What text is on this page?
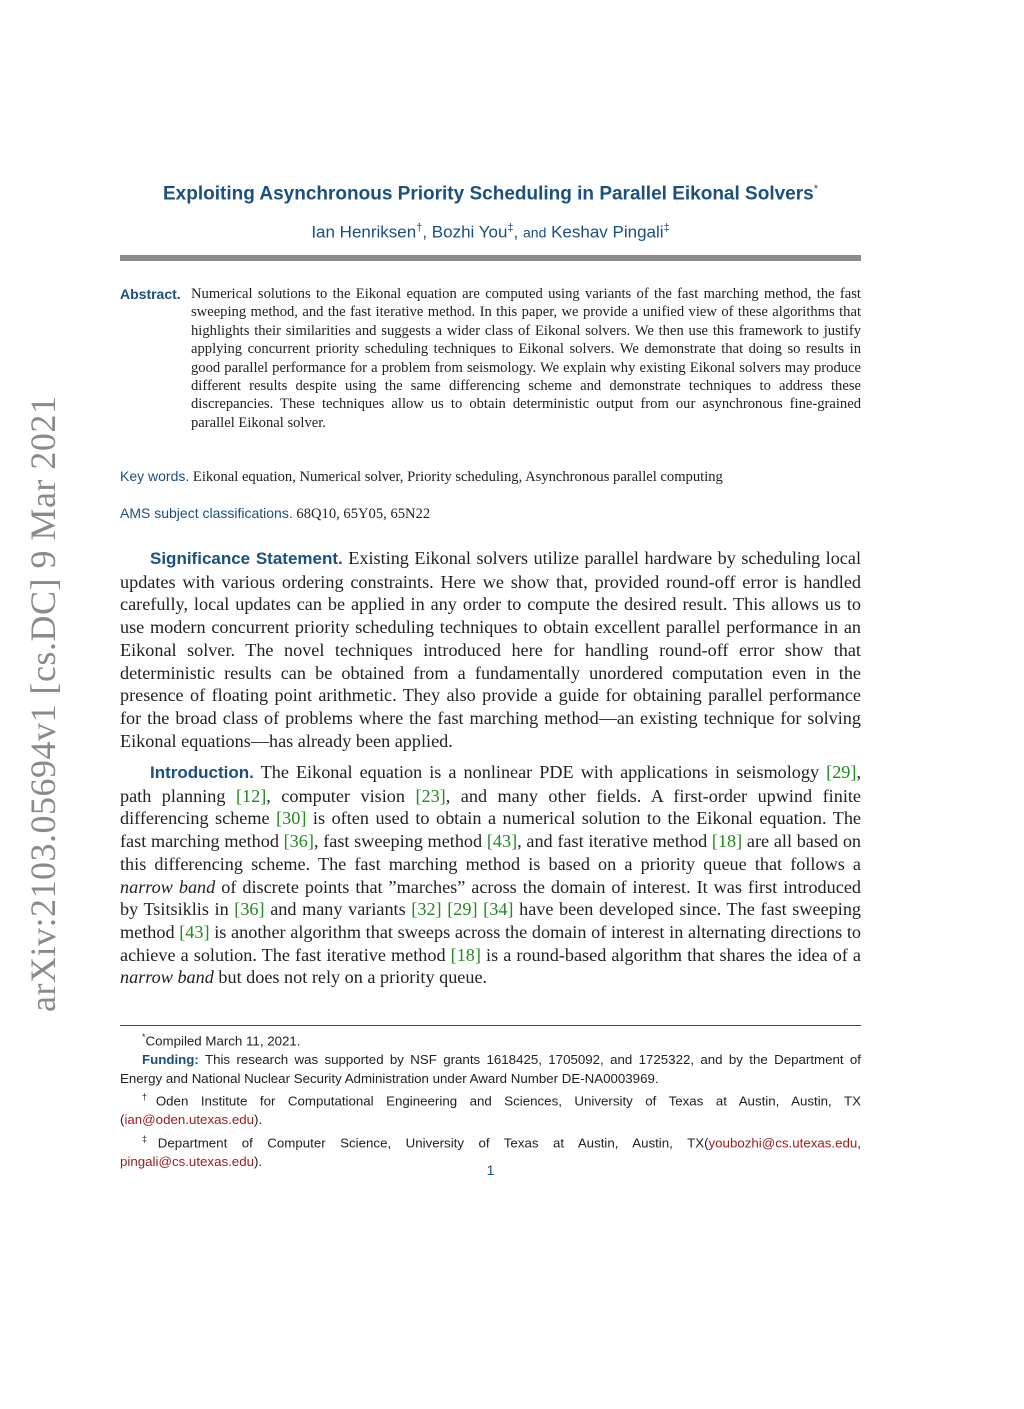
arXiv:2103.05694v1 [cs.DC] 9 Mar 2021
Exploiting Asynchronous Priority Scheduling in Parallel Eikonal Solvers*
Ian Henriksen†, Bozhi You‡, and Keshav Pingali‡
Abstract. Numerical solutions to the Eikonal equation are computed using variants of the fast marching method, the fast sweeping method, and the fast iterative method. In this paper, we provide a unified view of these algorithms that highlights their similarities and suggests a wider class of Eikonal solvers. We then use this framework to justify applying concurrent priority scheduling techniques to Eikonal solvers. We demonstrate that doing so results in good parallel performance for a problem from seismology. We explain why existing Eikonal solvers may produce different results despite using the same differencing scheme and demonstrate techniques to address these discrepancies. These techniques allow us to obtain deterministic output from our asynchronous fine-grained parallel Eikonal solver.
Key words. Eikonal equation, Numerical solver, Priority scheduling, Asynchronous parallel computing
AMS subject classifications. 68Q10, 65Y05, 65N22

Significance Statement. Existing Eikonal solvers utilize parallel hardware by scheduling local updates with various ordering constraints. Here we show that, provided round-off error is handled carefully, local updates can be applied in any order to compute the desired result. This allows us to use modern concurrent priority scheduling techniques to obtain excellent parallel performance in an Eikonal solver. The novel techniques introduced here for handling round-off error show that deterministic results can be obtained from a fundamentally unordered computation even in the presence of floating point arithmetic. They also provide a guide for obtaining parallel performance for the broad class of problems where the fast marching method—an existing technique for solving Eikonal equations—has already been applied.

Introduction. The Eikonal equation is a nonlinear PDE with applications in seismology [29], path planning [12], computer vision [23], and many other fields. A first-order upwind finite differencing scheme [30] is often used to obtain a numerical solution to the Eikonal equation. The fast marching method [36], fast sweeping method [43], and fast iterative method [18] are all based on this differencing scheme. The fast marching method is based on a priority queue that follows a narrow band of discrete points that ”marches” across the domain of interest. It was first introduced by Tsitsiklis in [36] and many variants [32] [29] [34] have been developed since. The fast sweeping method [43] is another algorithm that sweeps across the domain of interest in alternating directions to achieve a solution. The fast iterative method [18] is a round-based algorithm that shares the idea of a narrow band but does not rely on a priority queue.

*Compiled March 11, 2021.

Funding: This research was supported by NSF grants 1618425, 1705092, and 1725322, and by the Department of Energy and National Nuclear Security Administration under Award Number DE-NA0003969.

†Oden Institute for Computational Engineering and Sciences, University of Texas at Austin, Austin, TX (ian@oden.utexas.edu).

‡Department of Computer Science, University of Texas at Austin, Austin, TX(youbozhi@cs.utexas.edu, pingali@cs.utexas.edu).

1
